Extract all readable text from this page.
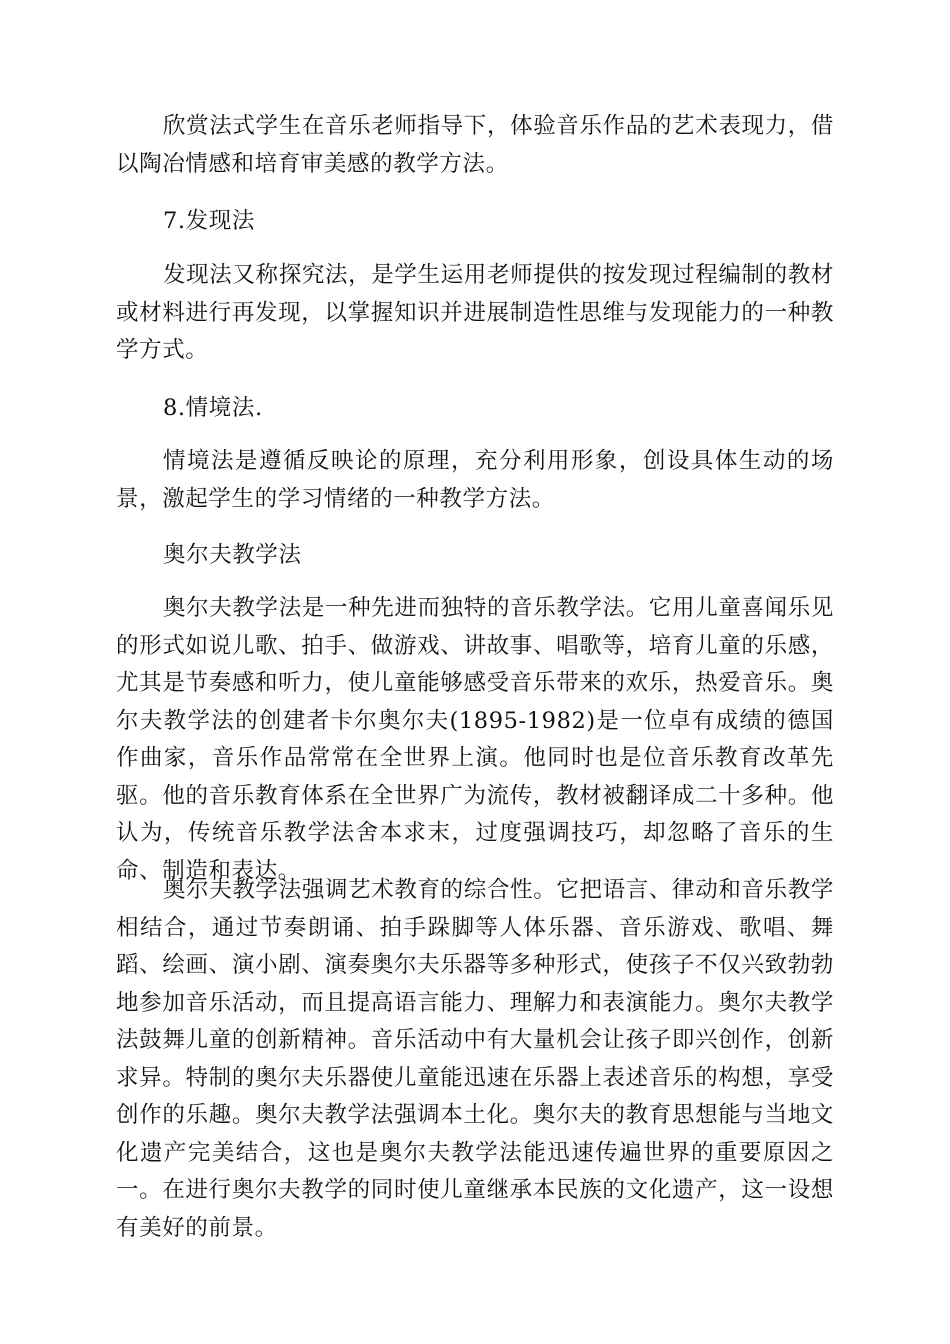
欣赏法式学生在音乐老师指导下，体验音乐作品的艺术表现力，借以陶冶情感和培育审美感的教学方法。

7.发现法

发现法又称探究法，是学生运用老师提供的按发现过程编制的教材或材料进行再发现，以掌握知识并进展制造性思维与发现能力的一种教学方式。

8.情境法.

情境法是遵循反映论的原理，充分利用形象，创设具体生动的场景，激起学生的学习情绪的一种教学方法。

奥尔夫教学法

奥尔夫教学法是一种先进而独特的音乐教学法。它用儿童喜闻乐见的形式如说儿歌、拍手、做游戏、讲故事、唱歌等，培育儿童的乐感，尤其是节奏感和听力，使儿童能够感受音乐带来的欢乐，热爱音乐。奥尔夫教学法的创建者卡尔奥尔夫(1895-1982)是一位卓有成绩的德国作曲家，音乐作品常常在全世界上演。他同时也是位音乐教育改革先驱。他的音乐教育体系在全世界广为流传，教材被翻译成二十多种。他认为，传统音乐教学法舍本求末，过度强调技巧，却忽略了音乐的生命、制造和表达。

奥尔夫教学法强调艺术教育的综合性。它把语言、律动和音乐教学相结合，通过节奏朗诵、拍手跺脚等人体乐器、音乐游戏、歌唱、舞蹈、绘画、演小剧、演奏奥尔夫乐器等多种形式，使孩子不仅兴致勃勃地参加音乐活动，而且提高语言能力、理解力和表演能力。奥尔夫教学法鼓舞儿童的创新精神。音乐活动中有大量机会让孩子即兴创作，创新求异。特制的奥尔夫乐器使儿童能迅速在乐器上表述音乐的构想，享受创作的乐趣。奥尔夫教学法强调本土化。奥尔夫的教育思想能与当地文化遗产完美结合，这也是奥尔夫教学法能迅速传遍世界的重要原因之一。在进行奥尔夫教学的同时使儿童继承本民族的文化遗产，这一设想有美好的前景。
